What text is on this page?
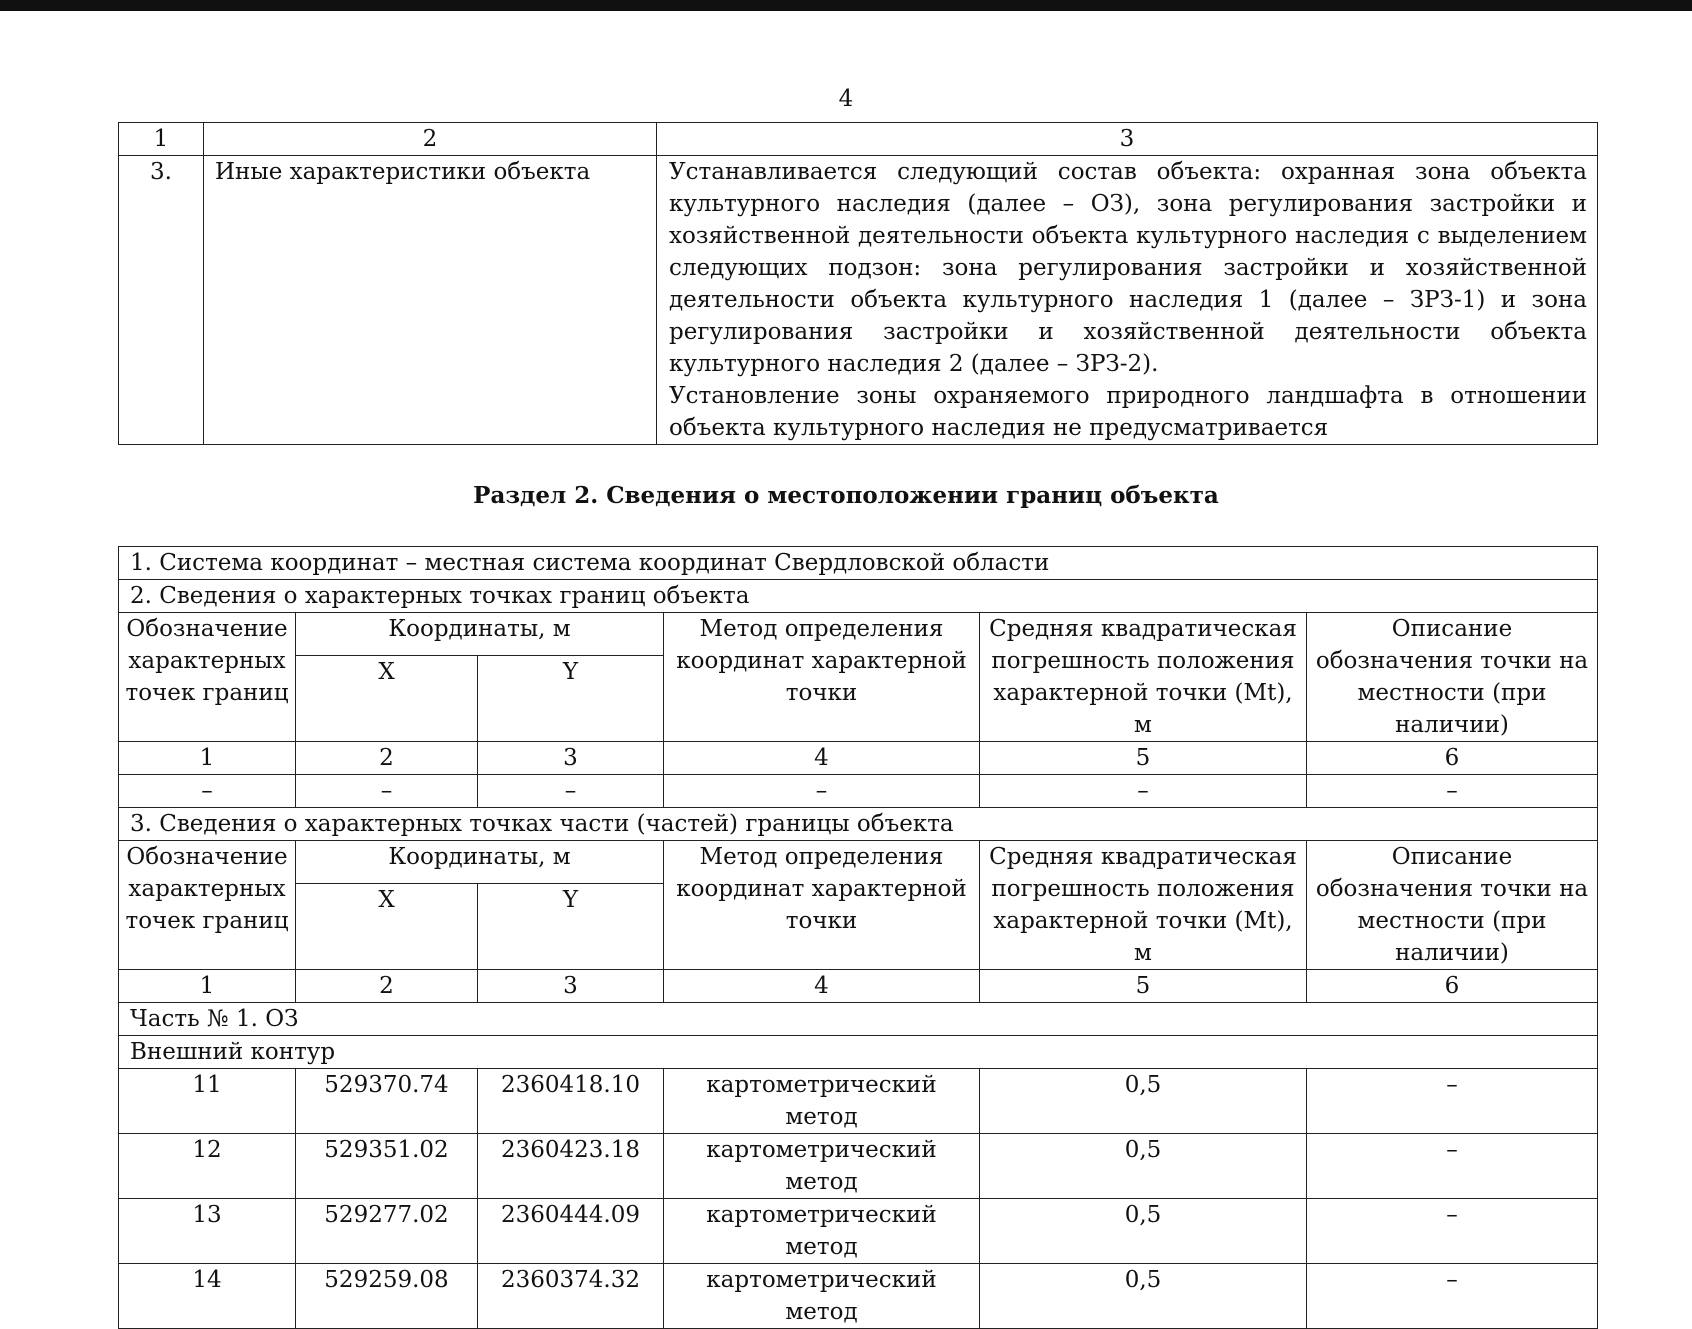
4
1	2	3
3.	Иные характеристики объекта	Устанавливается следующий состав объекта: охранная зона объекта культурного наследия (далее – ОЗ), зона регулирования застройки и хозяйственной деятельности объекта культурного наследия с выделением следующих подзон: зона регулирования застройки и хозяйственной деятельности объекта культурного наследия 1 (далее – ЗРЗ-1) и зона регулирования застройки и хозяйственной деятельности объекта культурного наследия 2 (далее – ЗРЗ-2).
Установление зоны охраняемого природного ландшафта в отношении объекта культурного наследия не предусматривается
Раздел 2. Сведения о местоположении границ объекта
1. Система координат – местная система координат Свердловской области					
2. Сведения о характерных точках границ объекта					
Обозначение характерных точек границ	Координаты, м		Метод определения координат характерной точки	Средняя квадратичеcкая погрешность положения характерной точки (Mt), м	Описание обозначения точки на местности (при наличии)
	X	Y			
1	2	3	4	5	6
–	–	–	–	–	–
3. Сведения о характерных точках части (частей) границы объекта					
Обозначение характерных точек границ	Координаты, м		Метод определения координат характерной точки	Средняя квадратичеcкая погрешность положения характерной точки (Mt), м	Описание обозначения точки на местности (при наличии)
	X	Y			
1	2	3	4	5	6
Часть № 1. ОЗ					
Внешний контур					
11	529370.74	2360418.10	картометрический метод	0,5	–
12	529351.02	2360423.18	картометрический метод	0,5	–
13	529277.02	2360444.09	картометрический метод	0,5	–
14	529259.08	2360374.32	картометрический метод	0,5	–
